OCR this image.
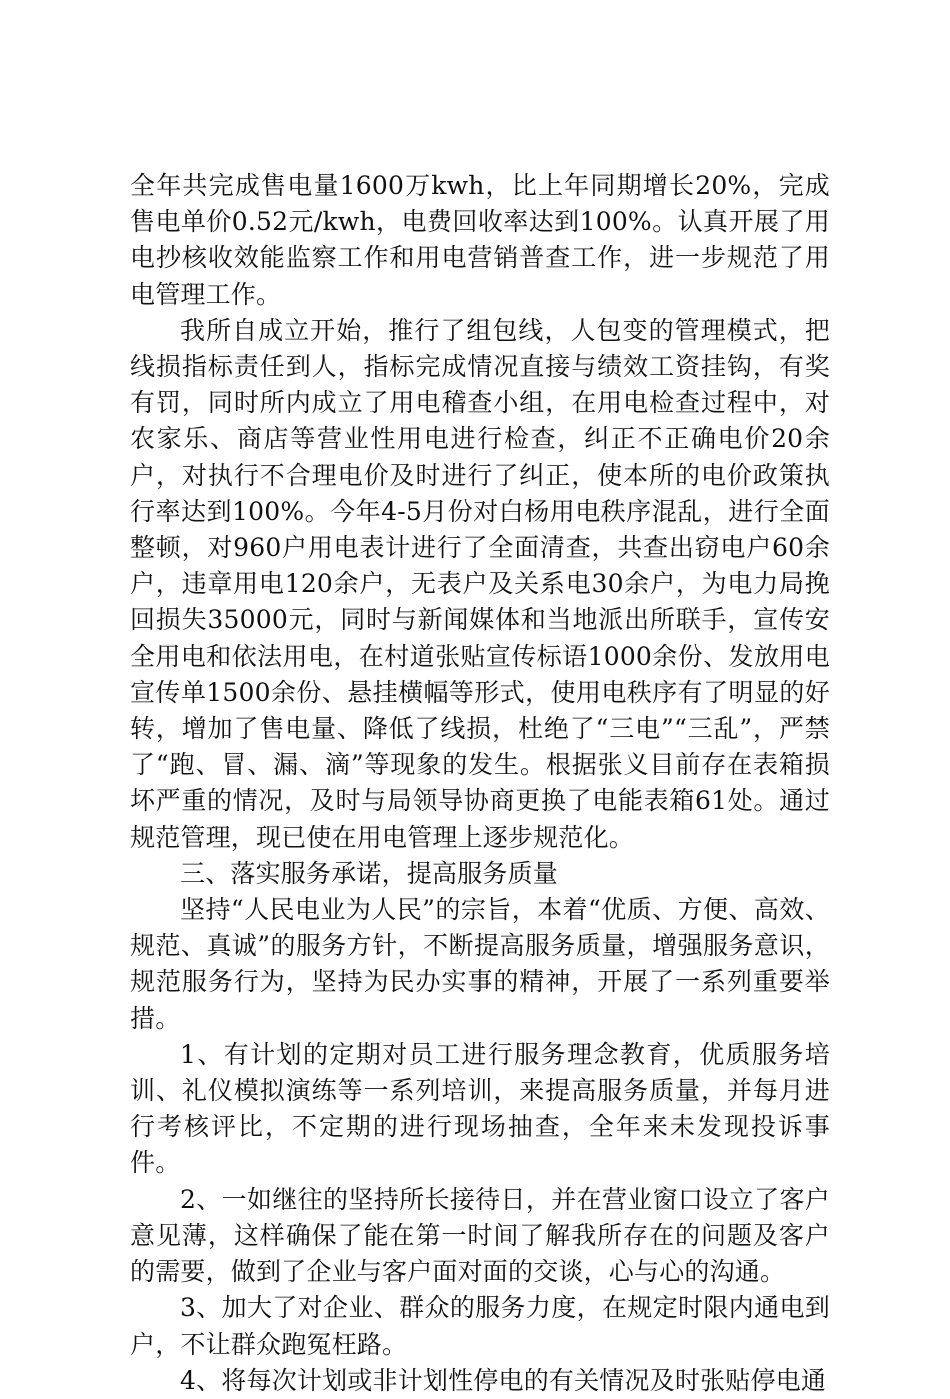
全年共完成售电量1600万kwh，比上年同期增长20%，完成售电单价0.52元/kwh，电费回收率达到100%。认真开展了用电抄核收效能监察工作和用电营销普查工作，进一步规范了用电管理工作。

我所自成立开始，推行了组包线，人包变的管理模式，把线损指标责任到人，指标完成情况直接与绩效工资挂钩，有奖有罚，同时所内成立了用电稽查小组，在用电检查过程中，对农家乐、商店等营业性用电进行检查，纠正不正确电价20余户，对执行不合理电价及时进行了纠正，使本所的电价政策执行率达到100%。今年4-5月份对白杨用电秩序混乱，进行全面整顿，对960户用电表计进行了全面清查，共查出窃电户60余户，违章用电120余户，无表户及关系电30余户，为电力局挽回损失35000元，同时与新闻媒体和当地派出所联手，宣传安全用电和依法用电，在村道张贴宣传标语1000余份、发放用电宣传单1500余份、悬挂横幅等形式，使用电秩序有了明显的好转，增加了售电量、降低了线损，杜绝了“三电”“三乱”，严禁了“跑、冒、漏、滴”等现象的发生。根据张义目前存在表箱损坏严重的情况，及时与局领导协商更换了电能表箱61处。通过规范管理，现已使在用电管理上逐步规范化。

三、落实服务承诺，提高服务质量

坚持“人民电业为人民”的宗旨，本着“优质、方便、高效、规范、真诚”的服务方针，不断提高服务质量，增强服务意识，规范服务行为，坚持为民办实事的精神，开展了一系列重要举措。

1、有计划的定期对员工进行服务理念教育，优质服务培训、礼仪模拟演练等一系列培训，来提高服务质量，并每月进行考核评比，不定期的进行现场抽查，全年来未发现投诉事件。

2、一如继往的坚持所长接待日，并在营业窗口设立了客户意见薄，这样确保了能在第一时间了解我所存在的问题及客户的需要，做到了企业与客户面对面的交谈，心与心的沟通。

3、加大了对企业、群众的服务力度，在规定时限内通电到户，不让群众跑冤枉路。

4、将每次计划或非计划性停电的有关情况及时张贴停电通
